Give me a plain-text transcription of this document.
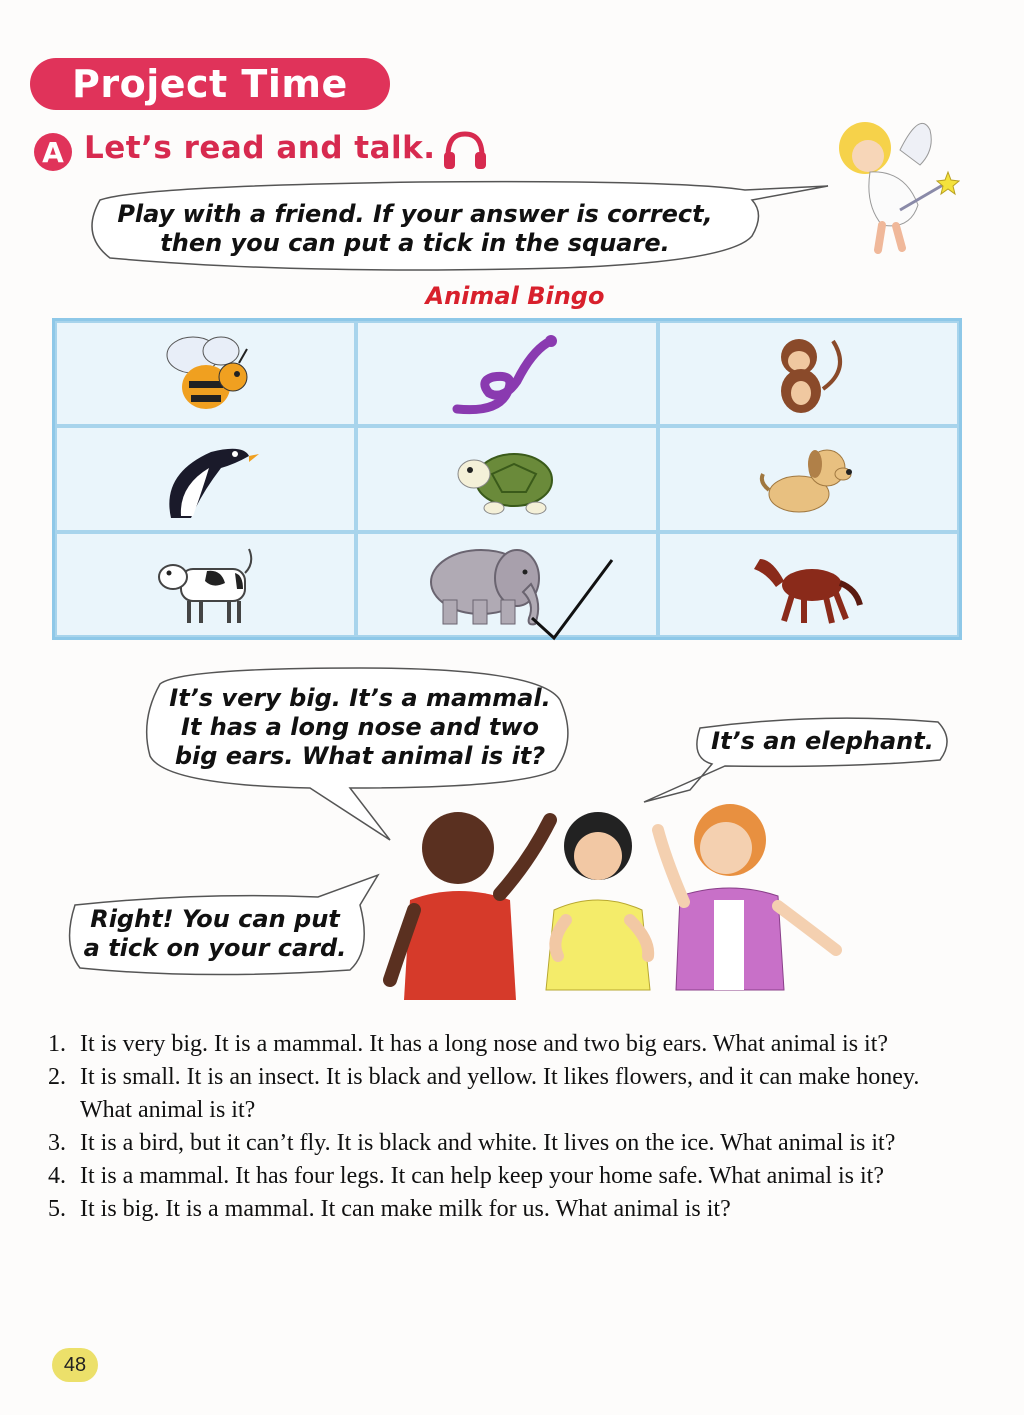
Project Time
A Let’s read and talk.
Play with a friend. If your answer is correct,
then you can put a tick in the square.
Animal Bingo
It’s very big. It’s a mammal.
It has a long nose and two
big ears. What animal is it?
It’s an elephant.
Right! You can put
a tick on your card.
1. It is very big. It is a mammal. It has a long nose and two big ears. What animal is it?
2. It is small. It is an insect. It is black and yellow. It likes flowers, and it can make honey. What animal is it?
3. It is a bird, but it can’t fly. It is black and white. It lives on the ice. What animal is it?
4. It is a mammal. It has four legs. It can help keep your home safe. What animal is it?
5. It is big. It is a mammal. It can make milk for us. What animal is it?
48
